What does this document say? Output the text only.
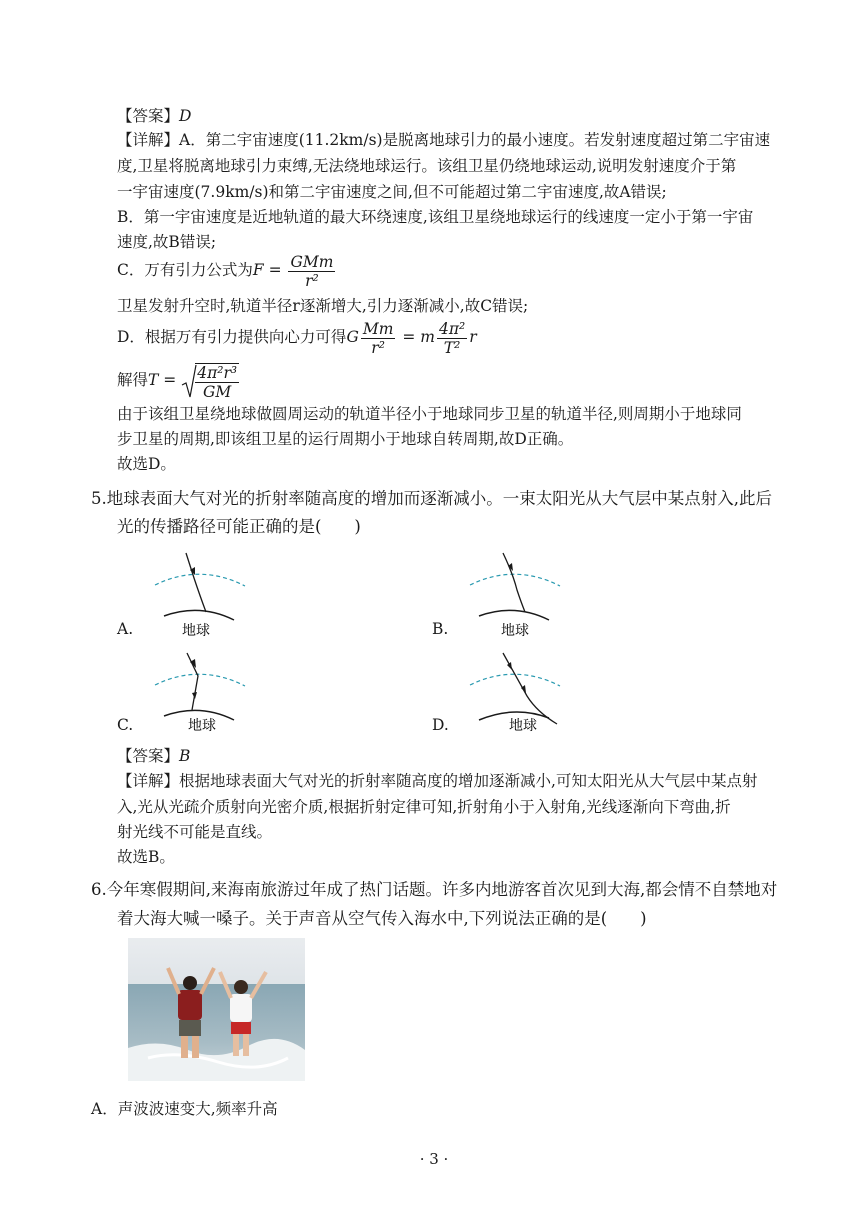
【答案】D
【详解】A．第二宇宙速度(11.2km/s)是脱离地球引力的最小速度。若发射速度超过第二宇宙速
度,卫星将脱离地球引力束缚,无法绕地球运行。该组卫星仍绕地球运动,说明发射速度介于第
一宇宙速度(7.9km/s)和第二宇宙速度之间,但不可能超过第二宇宙速度,故A错误;
B．第一宇宙速度是近地轨道的最大环绕速度,该组卫星绕地球运行的线速度一定小于第一宇宙
速度,故B错误;
C．万有引力公式为$F = \frac{\text{GMm}}{\text{r²}}$
卫星发射升空时,轨道半径r逐渐增大,引力逐渐减小,故C错误;
D．根据万有引力提供向心力可得G $\frac{Mm}{\text{r²}} = m \frac{\text{4π²}}{\text{T²}}$ r
解得$T = \frac{\text{4π²r³}}{GM}$
由于该组卫星绕地球做圆周运动的轨道半径小于地球同步卫星的轨道半径,则周期小于地球同
步卫星的周期,即该组卫星的运行周期小于地球自转周期,故D正确。
故选D。
5.地球表面大气对光的折射率随高度的增加而逐渐减小。一束太阳光从大气层中某点射入,此后
光的传播路径可能正确的是(　　)
A.	地球	B.	地球
C.	地球	D.	地球
【答案】B
【详解】根据地球表面大气对光的折射率随高度的增加逐渐减小,可知太阳光从大气层中某点射
入,光从光疏介质射向光密介质,根据折射定律可知,折射角小于入射角,光线逐渐向下弯曲,折
射光线不可能是直线。
故选B。
6.今年寒假期间,来海南旅游过年成了热门话题。许多内地游客首次见到大海,都会情不自禁地对
着大海大喊一嗓子。关于声音从空气传入海水中,下列说法正确的是(　　)
A．声波波速变大,频率升高
· 3 ·
